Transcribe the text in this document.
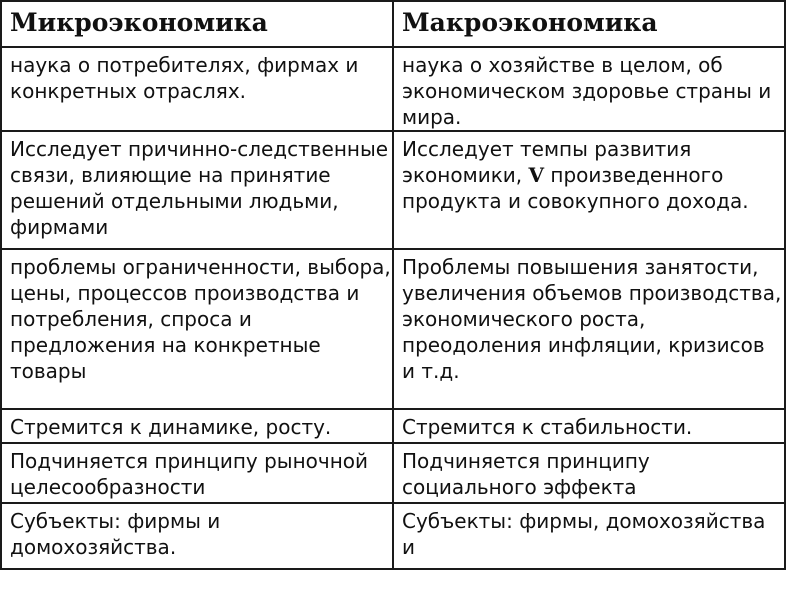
Микроэкономика	Макроэкономика
наука о потребителях, фирмах и конкретных отраслях.	наука о хозяйстве в целом, об экономическом здоровье страны и мира.
Исследует причинно-следственные связи, влияющие на принятие решений отдельными людьми, фирмами	Исследует темпы развития экономики, V произведенного продукта и совокупного дохода.
проблемы ограниченности, выбора, цены, процессов производства и потребления, спроса и предложения на конкретные товары	Проблемы повышения занятости, увеличения объемов производства, экономического роста, преодоления инфляции, кризисов и т.д.
Стремится к динамике, росту.	Стремится к стабильности.
Подчиняется принципу рыночной целесообразности	Подчиняется принципу социального эффекта
Субъекты: фирмы и домохозяйства.	Субъекты: фирмы, домохозяйства и
